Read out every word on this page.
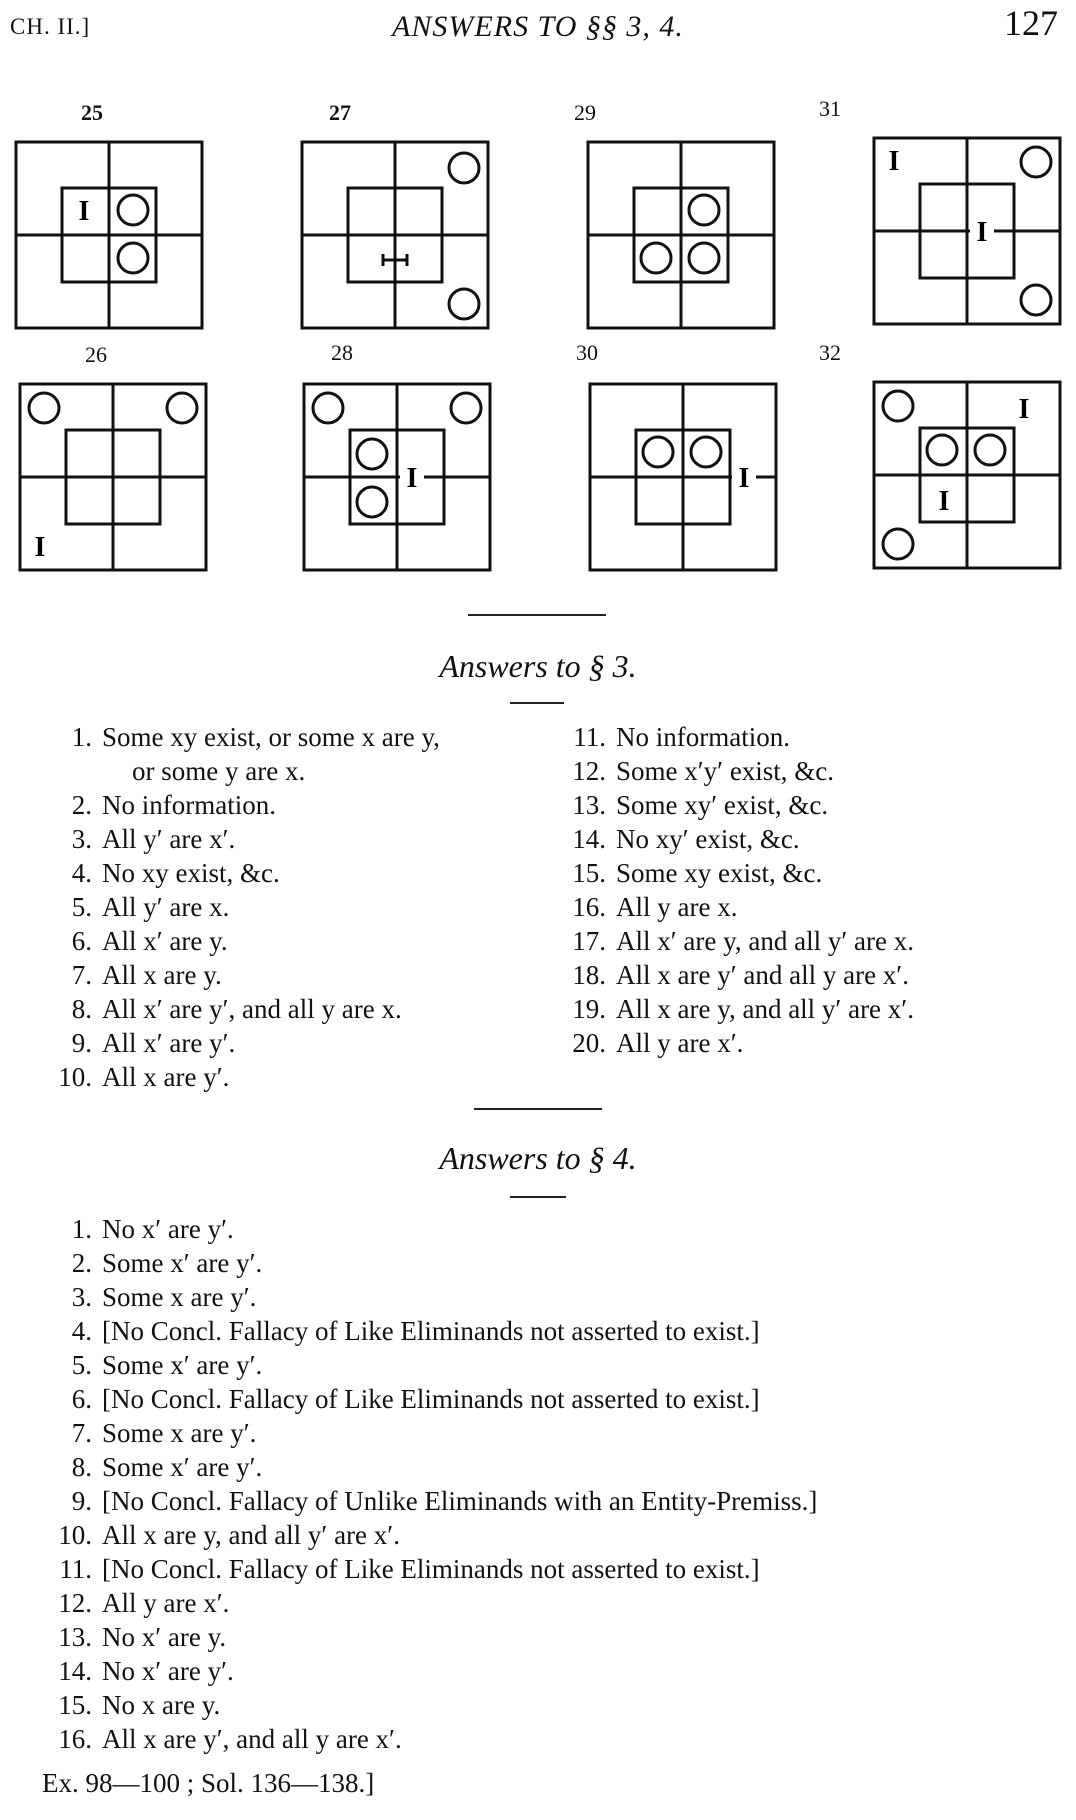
CH. II.]	ANSWERS TO §§ 3, 4.	127
25	27	29	31
26	28	30	32
I
I
I
I
I	I
I
I
Answers to § 3.
1. Some xy exist, or some x are y,
or some y are x.
2. No information.
3. All y′ are x′.
4. No xy exist, &c.
5. All y′ are x.
6. All x′ are y.
7. All x are y.
8. All x′ are y′, and all y are x.
9. All x′ are y′.
10. All x are y′.
11. No information.
12. Some x′y′ exist, &c.
13. Some xy′ exist, &c.
14. No xy′ exist, &c.
15. Some xy exist, &c.
16. All y are x.
17. All x′ are y, and all y′ are x.
18. All x are y′ and all y are x′.
19. All x are y, and all y′ are x′.
20. All y are x′.
Answers to § 4.
1. No x′ are y′.
2. Some x′ are y′.
3. Some x are y′.
4. [No Concl. Fallacy of Like Eliminands not asserted to exist.]
5. Some x′ are y′.
6. [No Concl. Fallacy of Like Eliminands not asserted to exist.]
7. Some x are y′.
8. Some x′ are y′.
9. [No Concl. Fallacy of Unlike Eliminands with an Entity-Premiss.]
10. All x are y, and all y′ are x′.
11. [No Concl. Fallacy of Like Eliminands not asserted to exist.]
12. All y are x′.
13. No x′ are y.
14. No x′ are y′.
15. No x are y.
16. All x are y′, and all y are x′.
Ex. 98—100 ; Sol. 136—138.]
